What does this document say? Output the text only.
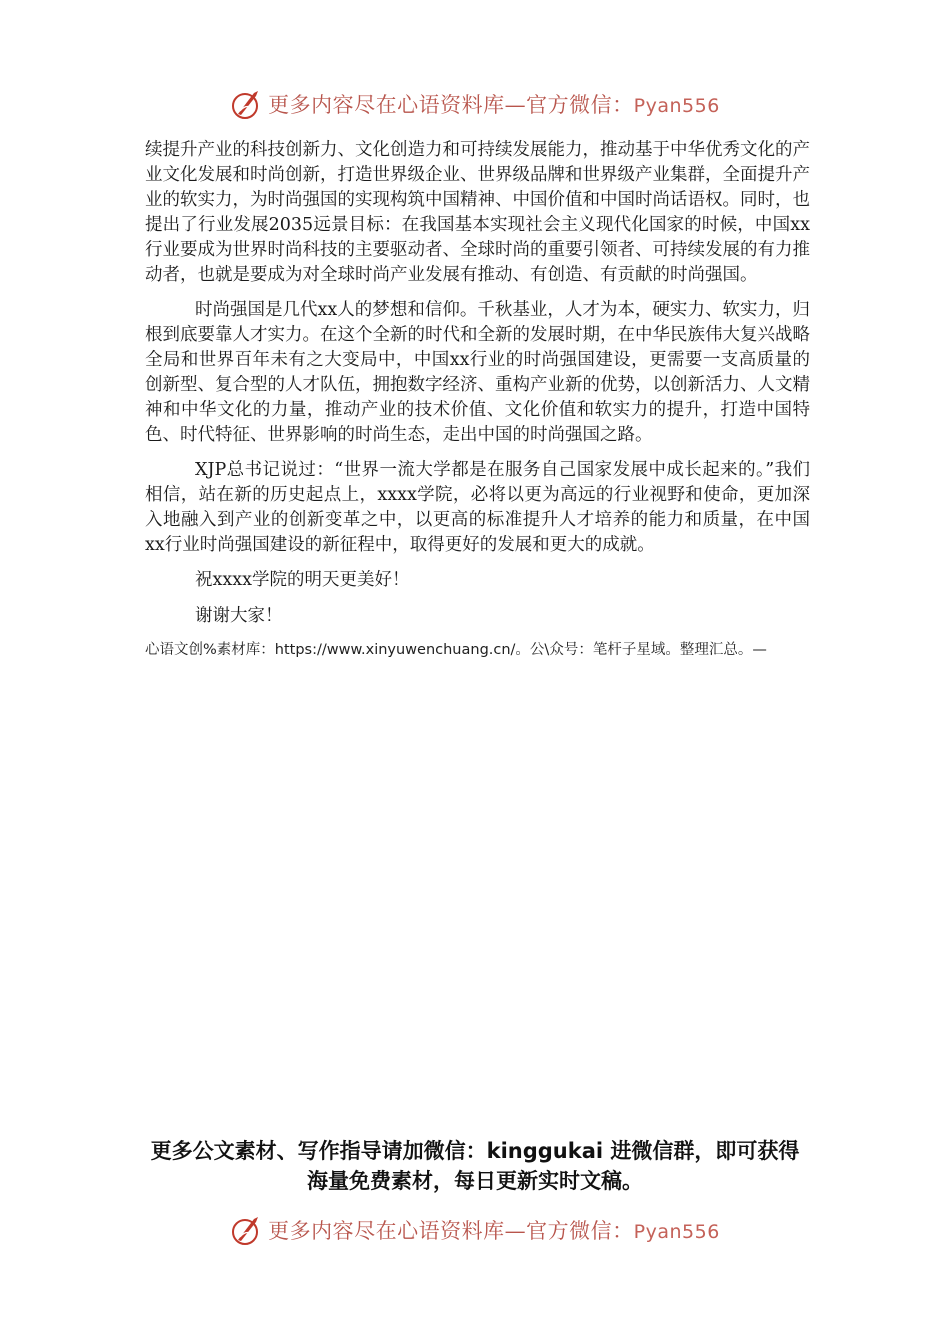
更多内容尽在心语资料库—官方微信：Pyan556

续提升产业的科技创新力、文化创造力和可持续发展能力，推动基于中华优秀文化的产业文化发展和时尚创新，打造世界级企业、世界级品牌和世界级产业集群，全面提升产业的软实力，为时尚强国的实现构筑中国精神、中国价值和中国时尚话语权。同时，也提出了行业发展2035远景目标：在我国基本实现社会主义现代化国家的时候，中国xx行业要成为世界时尚科技的主要驱动者、全球时尚的重要引领者、可持续发展的有力推动者，也就是要成为对全球时尚产业发展有推动、有创造、有贡献的时尚强国。

时尚强国是几代xx人的梦想和信仰。千秋基业，人才为本，硬实力、软实力，归根到底要靠人才实力。在这个全新的时代和全新的发展时期，在中华民族伟大复兴战略全局和世界百年未有之大变局中，中国xx行业的时尚强国建设，更需要一支高质量的创新型、复合型的人才队伍，拥抱数字经济、重构产业新的优势，以创新活力、人文精神和中华文化的力量，推动产业的技术价值、文化价值和软实力的提升，打造中国特色、时代特征、世界影响的时尚生态，走出中国的时尚强国之路。

XJP总书记说过：“世界一流大学都是在服务自己国家发展中成长起来的。”我们相信，站在新的历史起点上，xxxx学院，必将以更为高远的行业视野和使命，更加深入地融入到产业的创新变革之中，以更高的标准提升人才培养的能力和质量，在中国xx行业时尚强国建设的新征程中，取得更好的发展和更大的成就。

祝xxxx学院的明天更美好！

谢谢大家！

心语文创%素材库：https://www.xinyuwenchuang.cn/。公\众号：笔杆子星域。整理汇总。—
更多公文素材、写作指导请加微信：kinggukai 进微信群，即可获得海量免费素材，每日更新实时文稿。
更多内容尽在心语资料库—官方微信：Pyan556
